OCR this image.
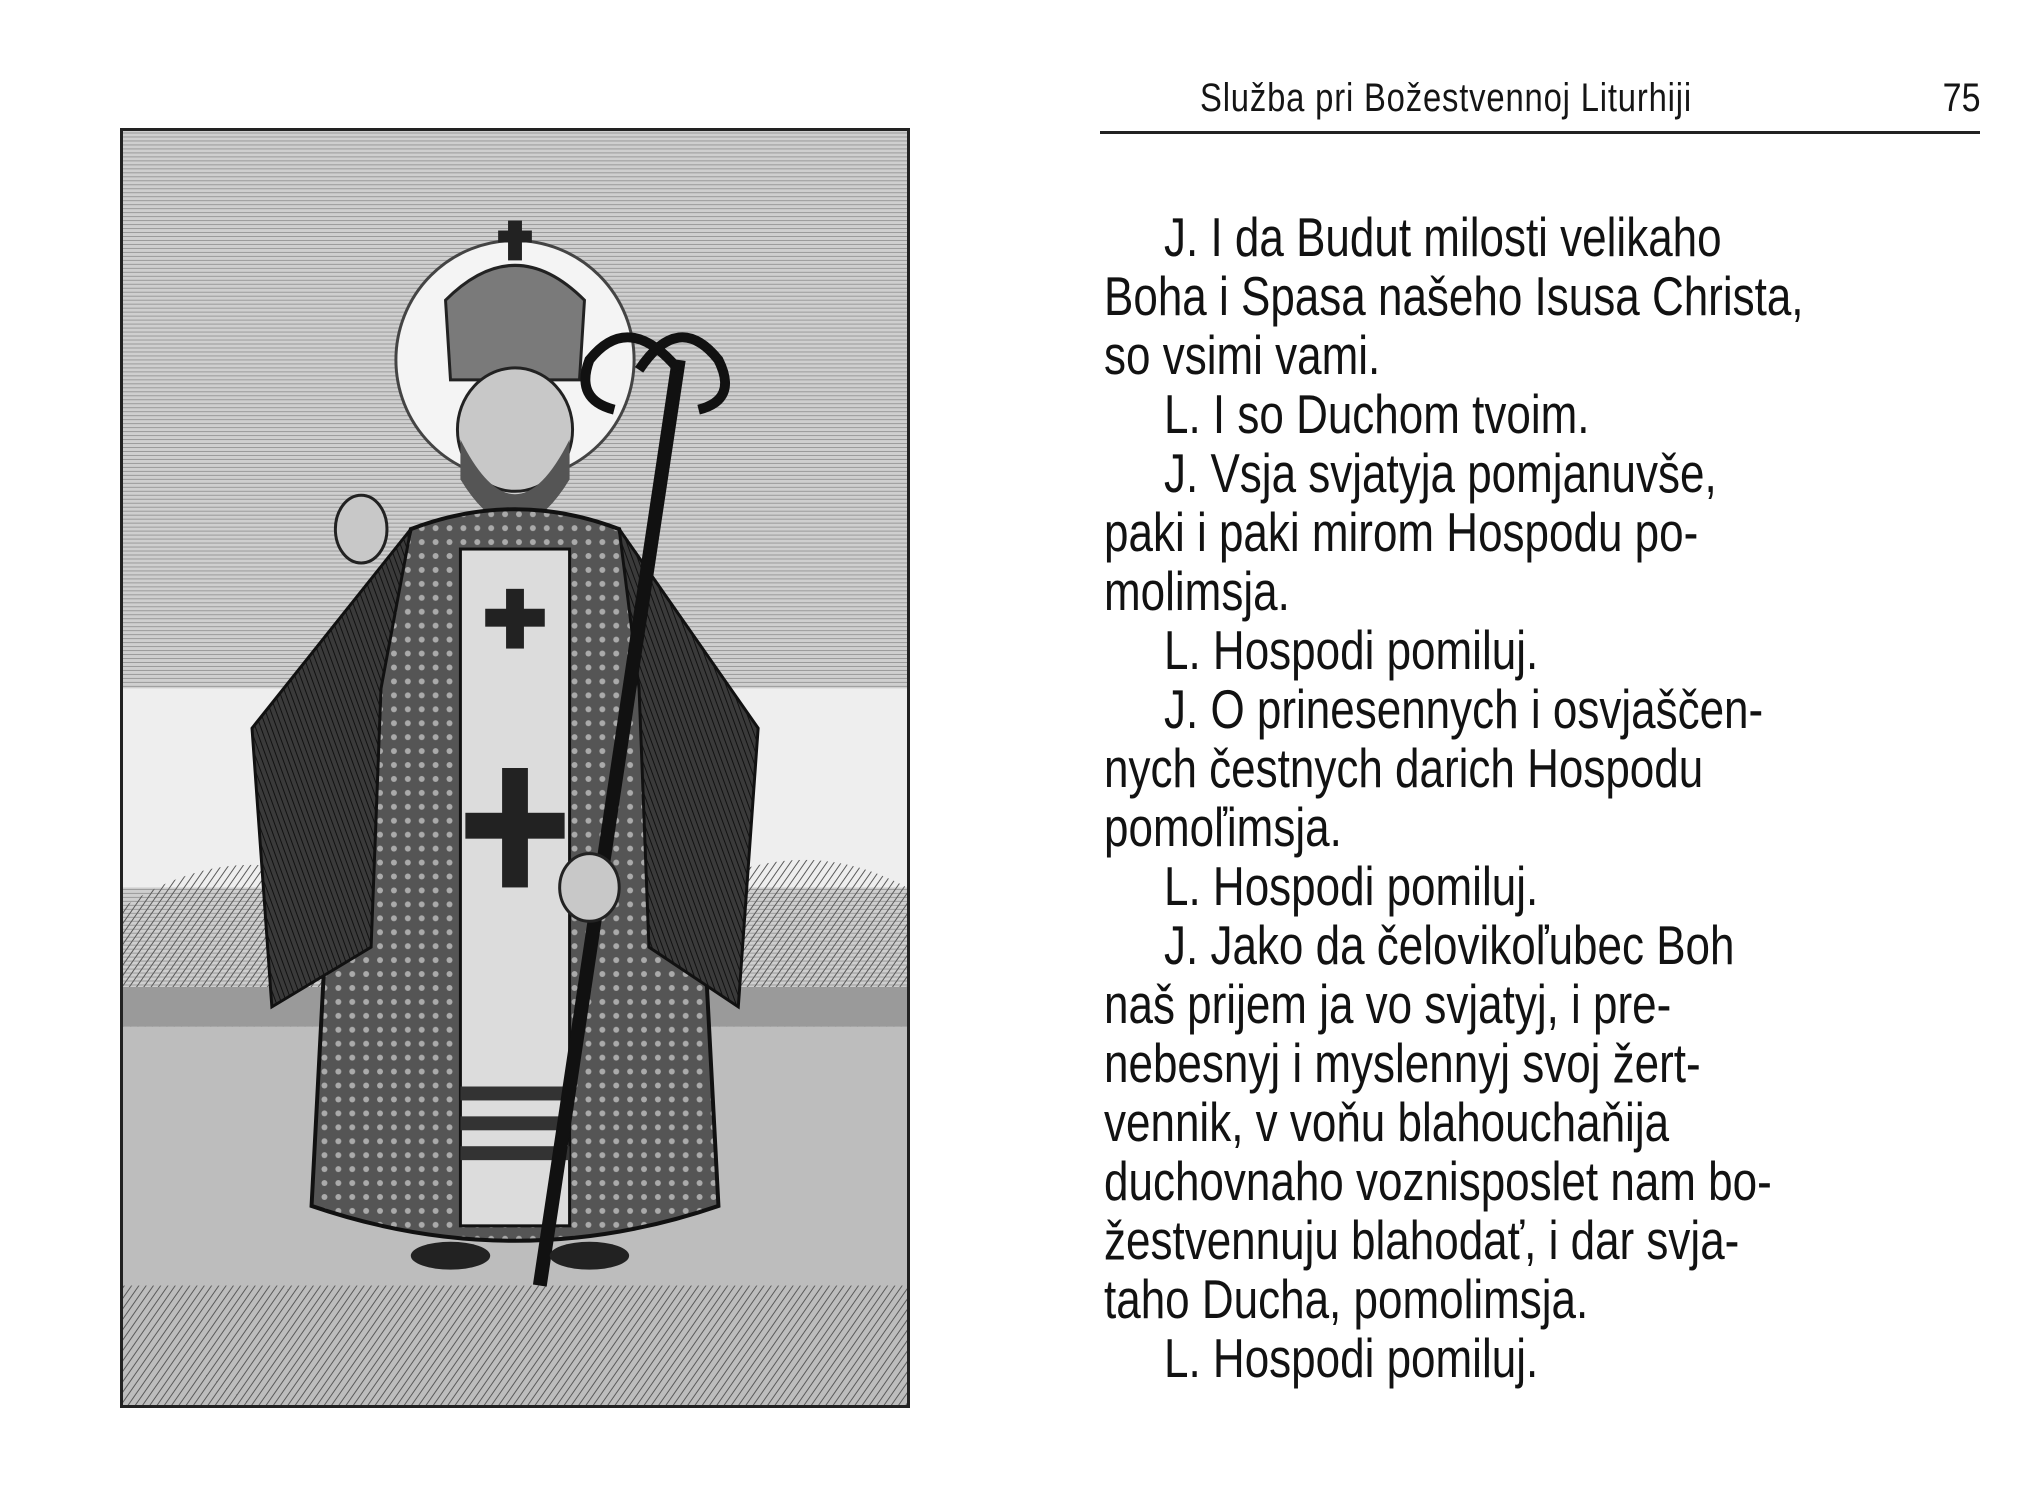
Služba pri Božestvennoj Liturhiji	75
J. I da Budut milosti velikaho
Boha i Spasa našeho Isusa Christa,
so vsimi vami.
L. I so Duchom tvoim.
J. Vsja svjatyja pomjanuvše,
paki i paki mirom Hospodu po-
molimsja.
L. Hospodi pomiluj.
J. O prinesennych i osvjaščen-
nych čestnych darich Hospodu
pomoľimsja.
L. Hospodi pomiluj.
J. Jako da čelovikoľubec Boh
naš prijem ja vo svjatyj, i pre-
nebesnyj i myslennyj svoj žert-
vennik, v voňu blahouchaňija
duchovnaho voznisposlet nam bo-
žestvennuju blahodať, i dar svja-
taho Ducha, pomolimsja.
L. Hospodi pomiluj.
